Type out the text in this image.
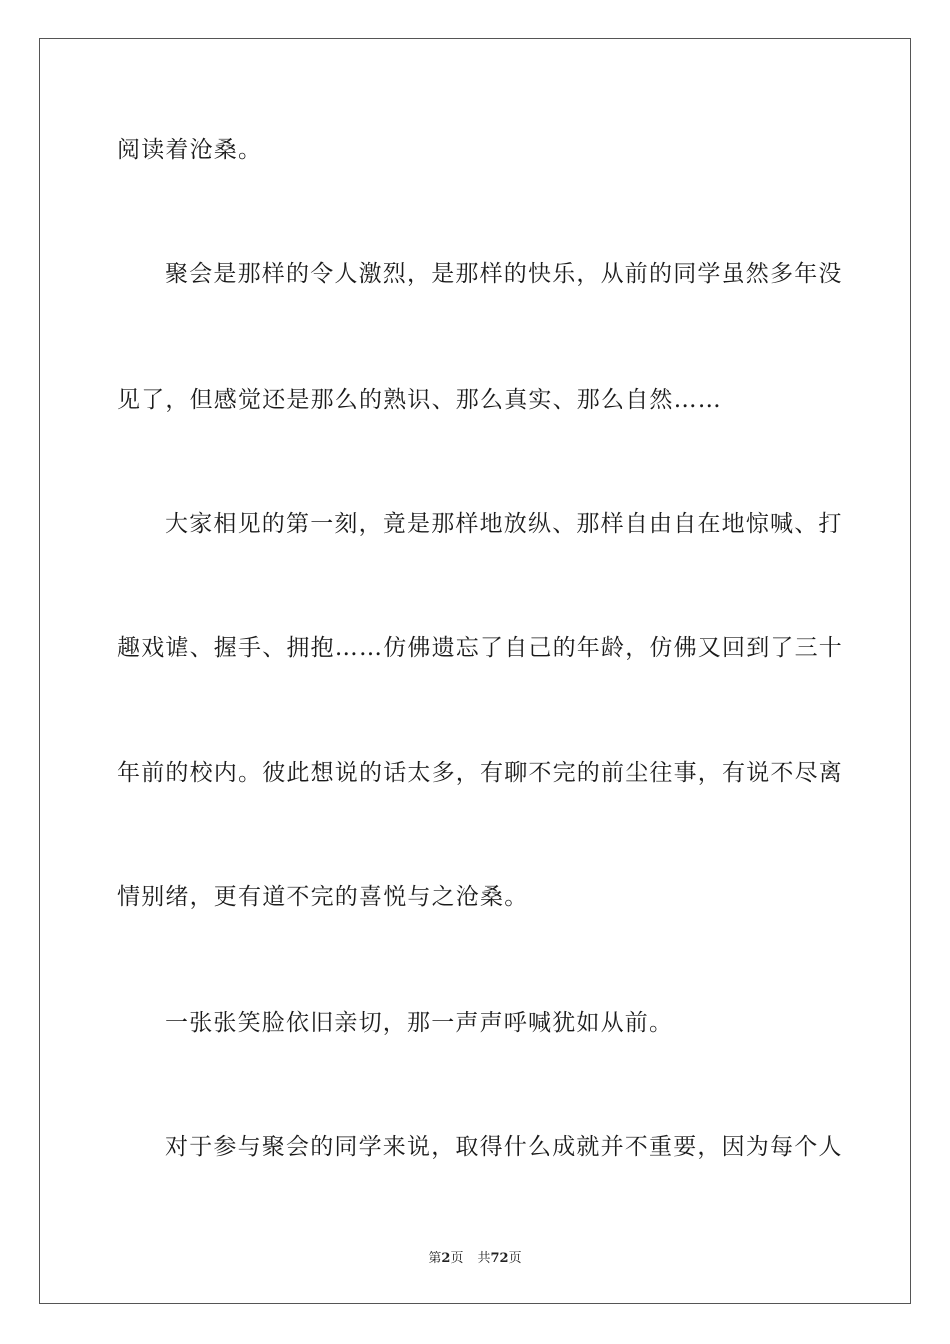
阅读着沧桑。
聚会是那样的令人激烈，是那样的快乐，从前的同学虽然多年没
见了，但感觉还是那么的熟识、那么真实、那么自然……
大家相见的第一刻，竟是那样地放纵、那样自由自在地惊喊、打
趣戏谑、握手、拥抱……仿佛遗忘了自己的年龄，仿佛又回到了三十
年前的校内。彼此想说的话太多，有聊不完的前尘往事，有说不尽离
情别绪，更有道不完的喜悦与之沧桑。
一张张笑脸依旧亲切，那一声声呼喊犹如从前。
对于参与聚会的同学来说，取得什么成就并不重要，因为每个人
第2页 共72页
